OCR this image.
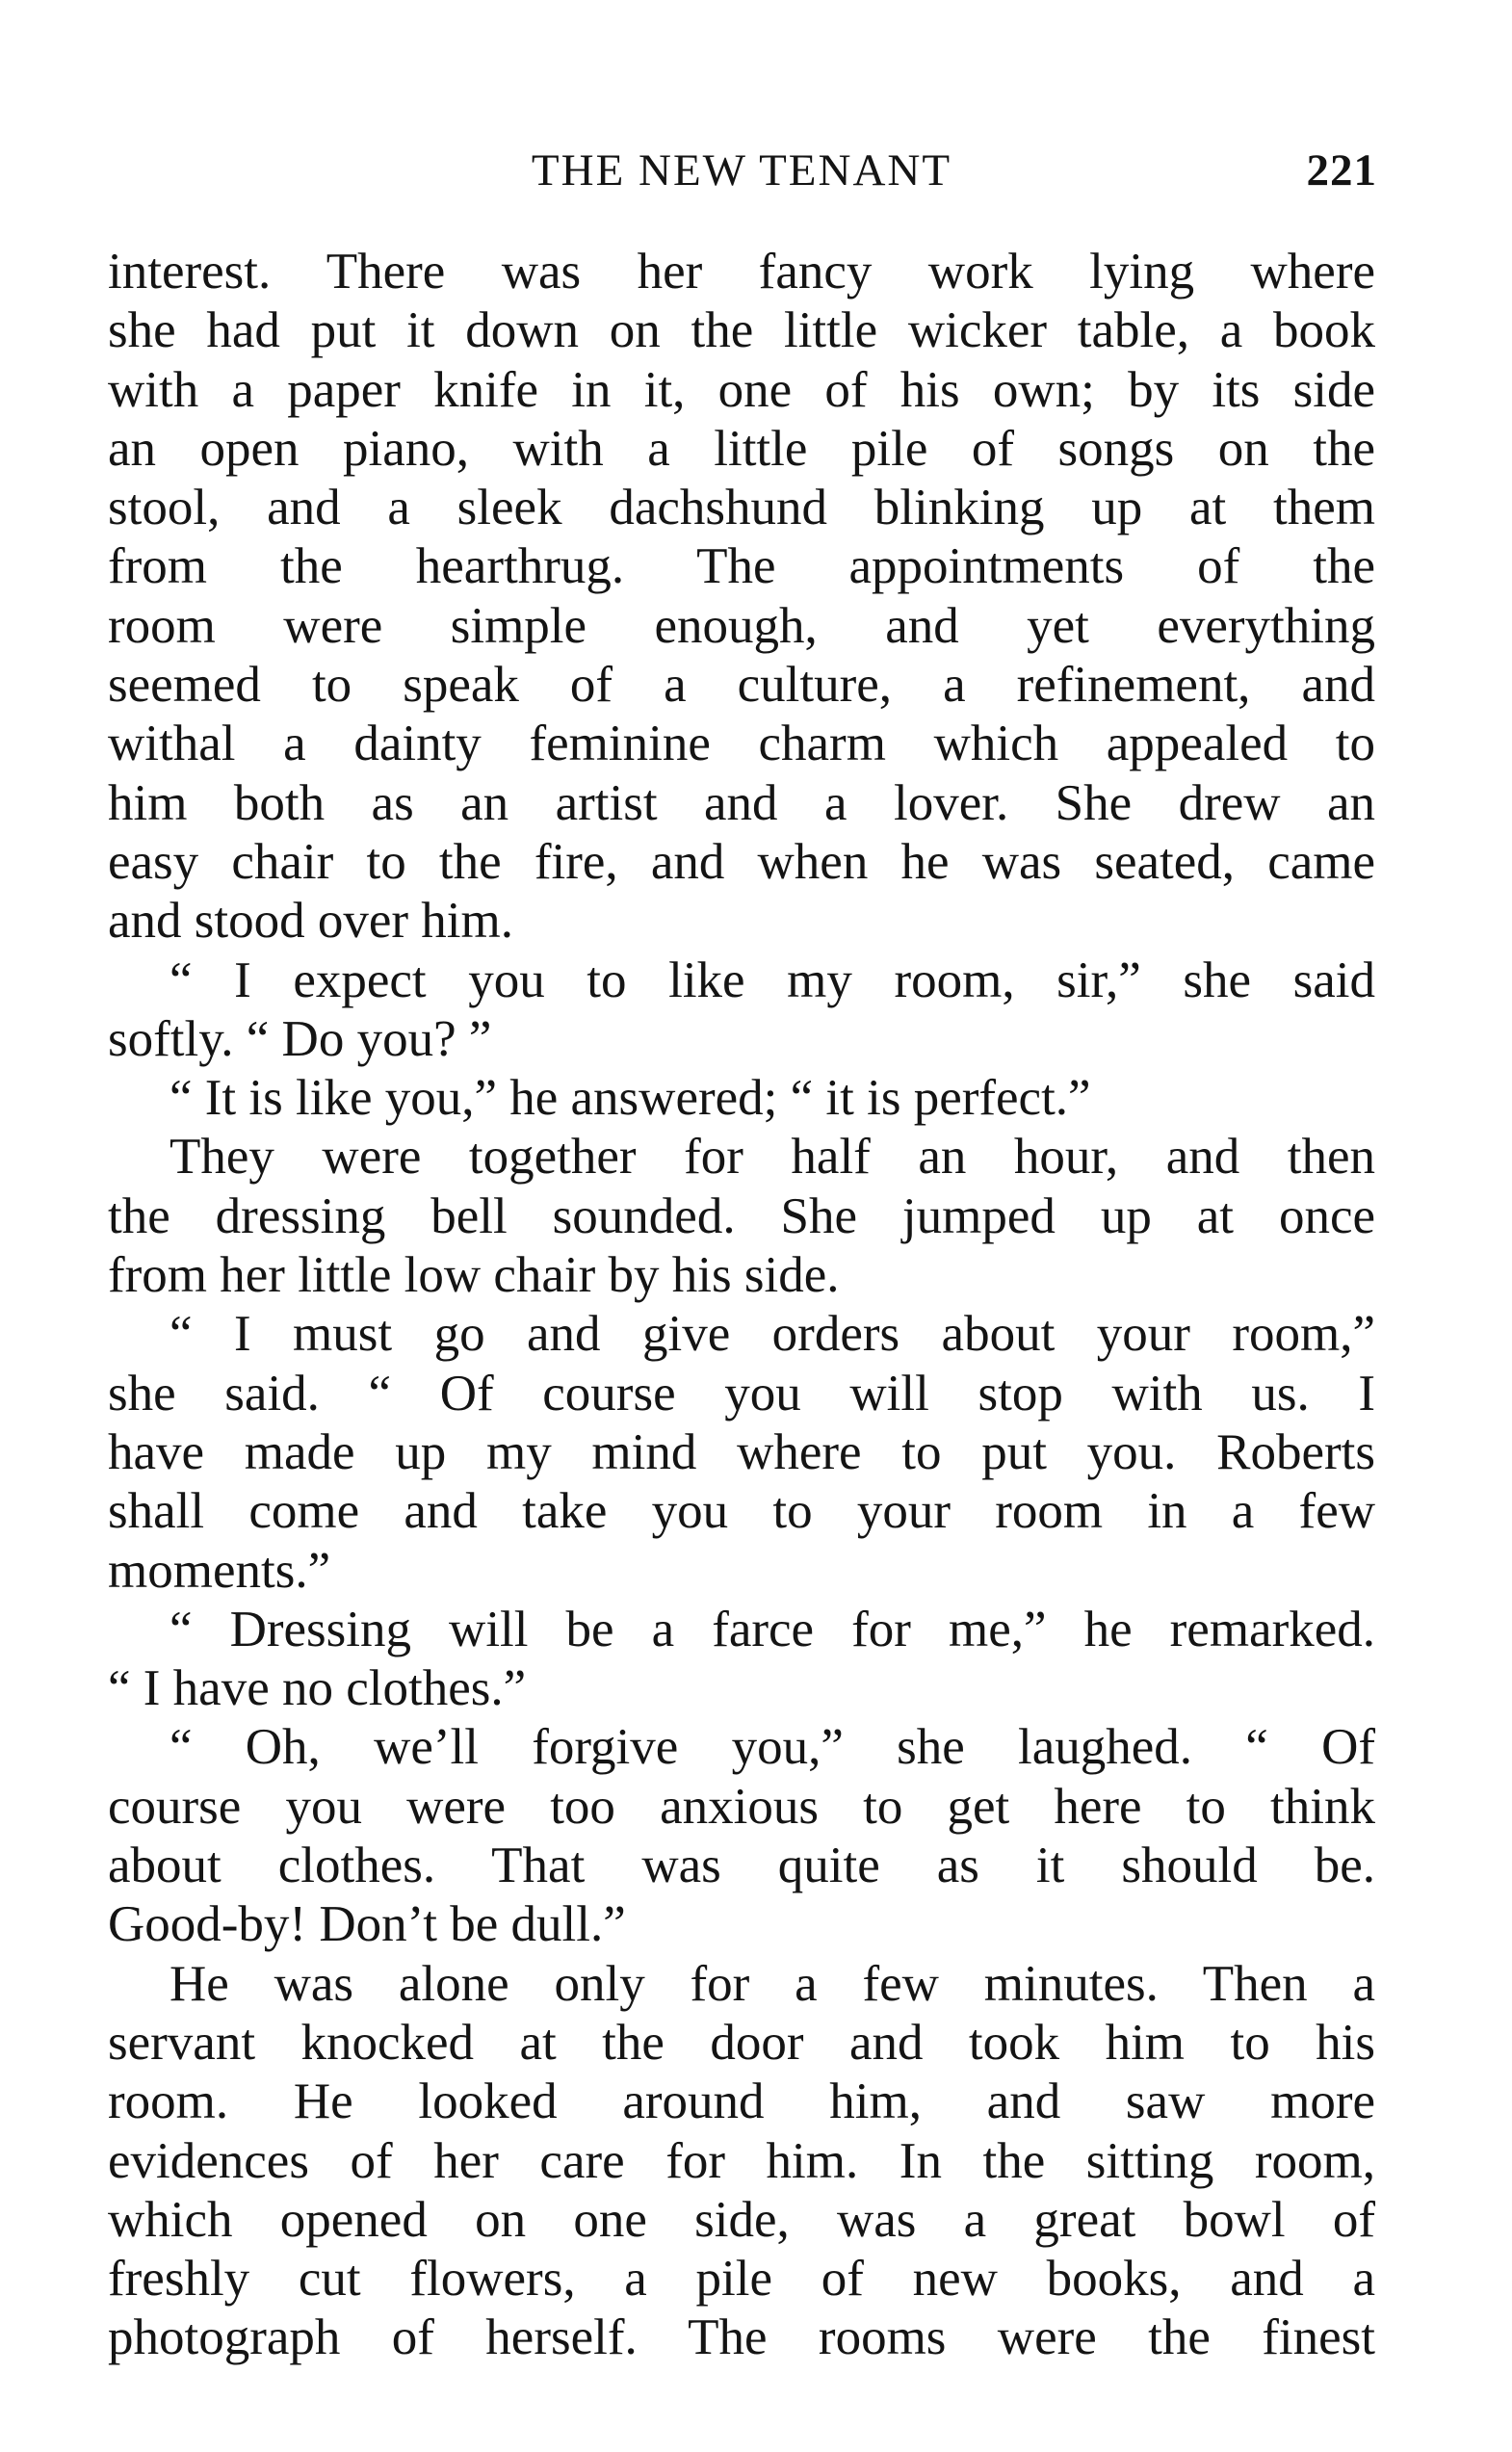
THE NEW TENANT	221
interest. There was her fancy work lying where
she had put it down on the little wicker table, a book
with a paper knife in it, one of his own; by its side
an open piano, with a little pile of songs on the
stool, and a sleek dachshund blinking up at them
from the hearthrug. The appointments of the
room were simple enough, and yet everything
seemed to speak of a culture, a refinement, and
withal a dainty feminine charm which appealed to
him both as an artist and a lover. She drew an
easy chair to the fire, and when he was seated, came
and stood over him.
“ I expect you to like my room, sir,” she said
softly. “ Do you? ”
“ It is like you,” he answered; “ it is perfect.”
They were together for half an hour, and then
the dressing bell sounded. She jumped up at once
from her little low chair by his side.
“ I must go and give orders about your room,”
she said. “ Of course you will stop with us. I
have made up my mind where to put you. Roberts
shall come and take you to your room in a few
moments.”
“ Dressing will be a farce for me,” he remarked.
“ I have no clothes.”
“ Oh, we’ll forgive you,” she laughed. “ Of
course you were too anxious to get here to think
about clothes. That was quite as it should be.
Good-by! Don’t be dull.”
He was alone only for a few minutes. Then a
servant knocked at the door and took him to his
room. He looked around him, and saw more
evidences of her care for him. In the sitting room,
which opened on one side, was a great bowl of
freshly cut flowers, a pile of new books, and a
photograph of herself. The rooms were the finest
